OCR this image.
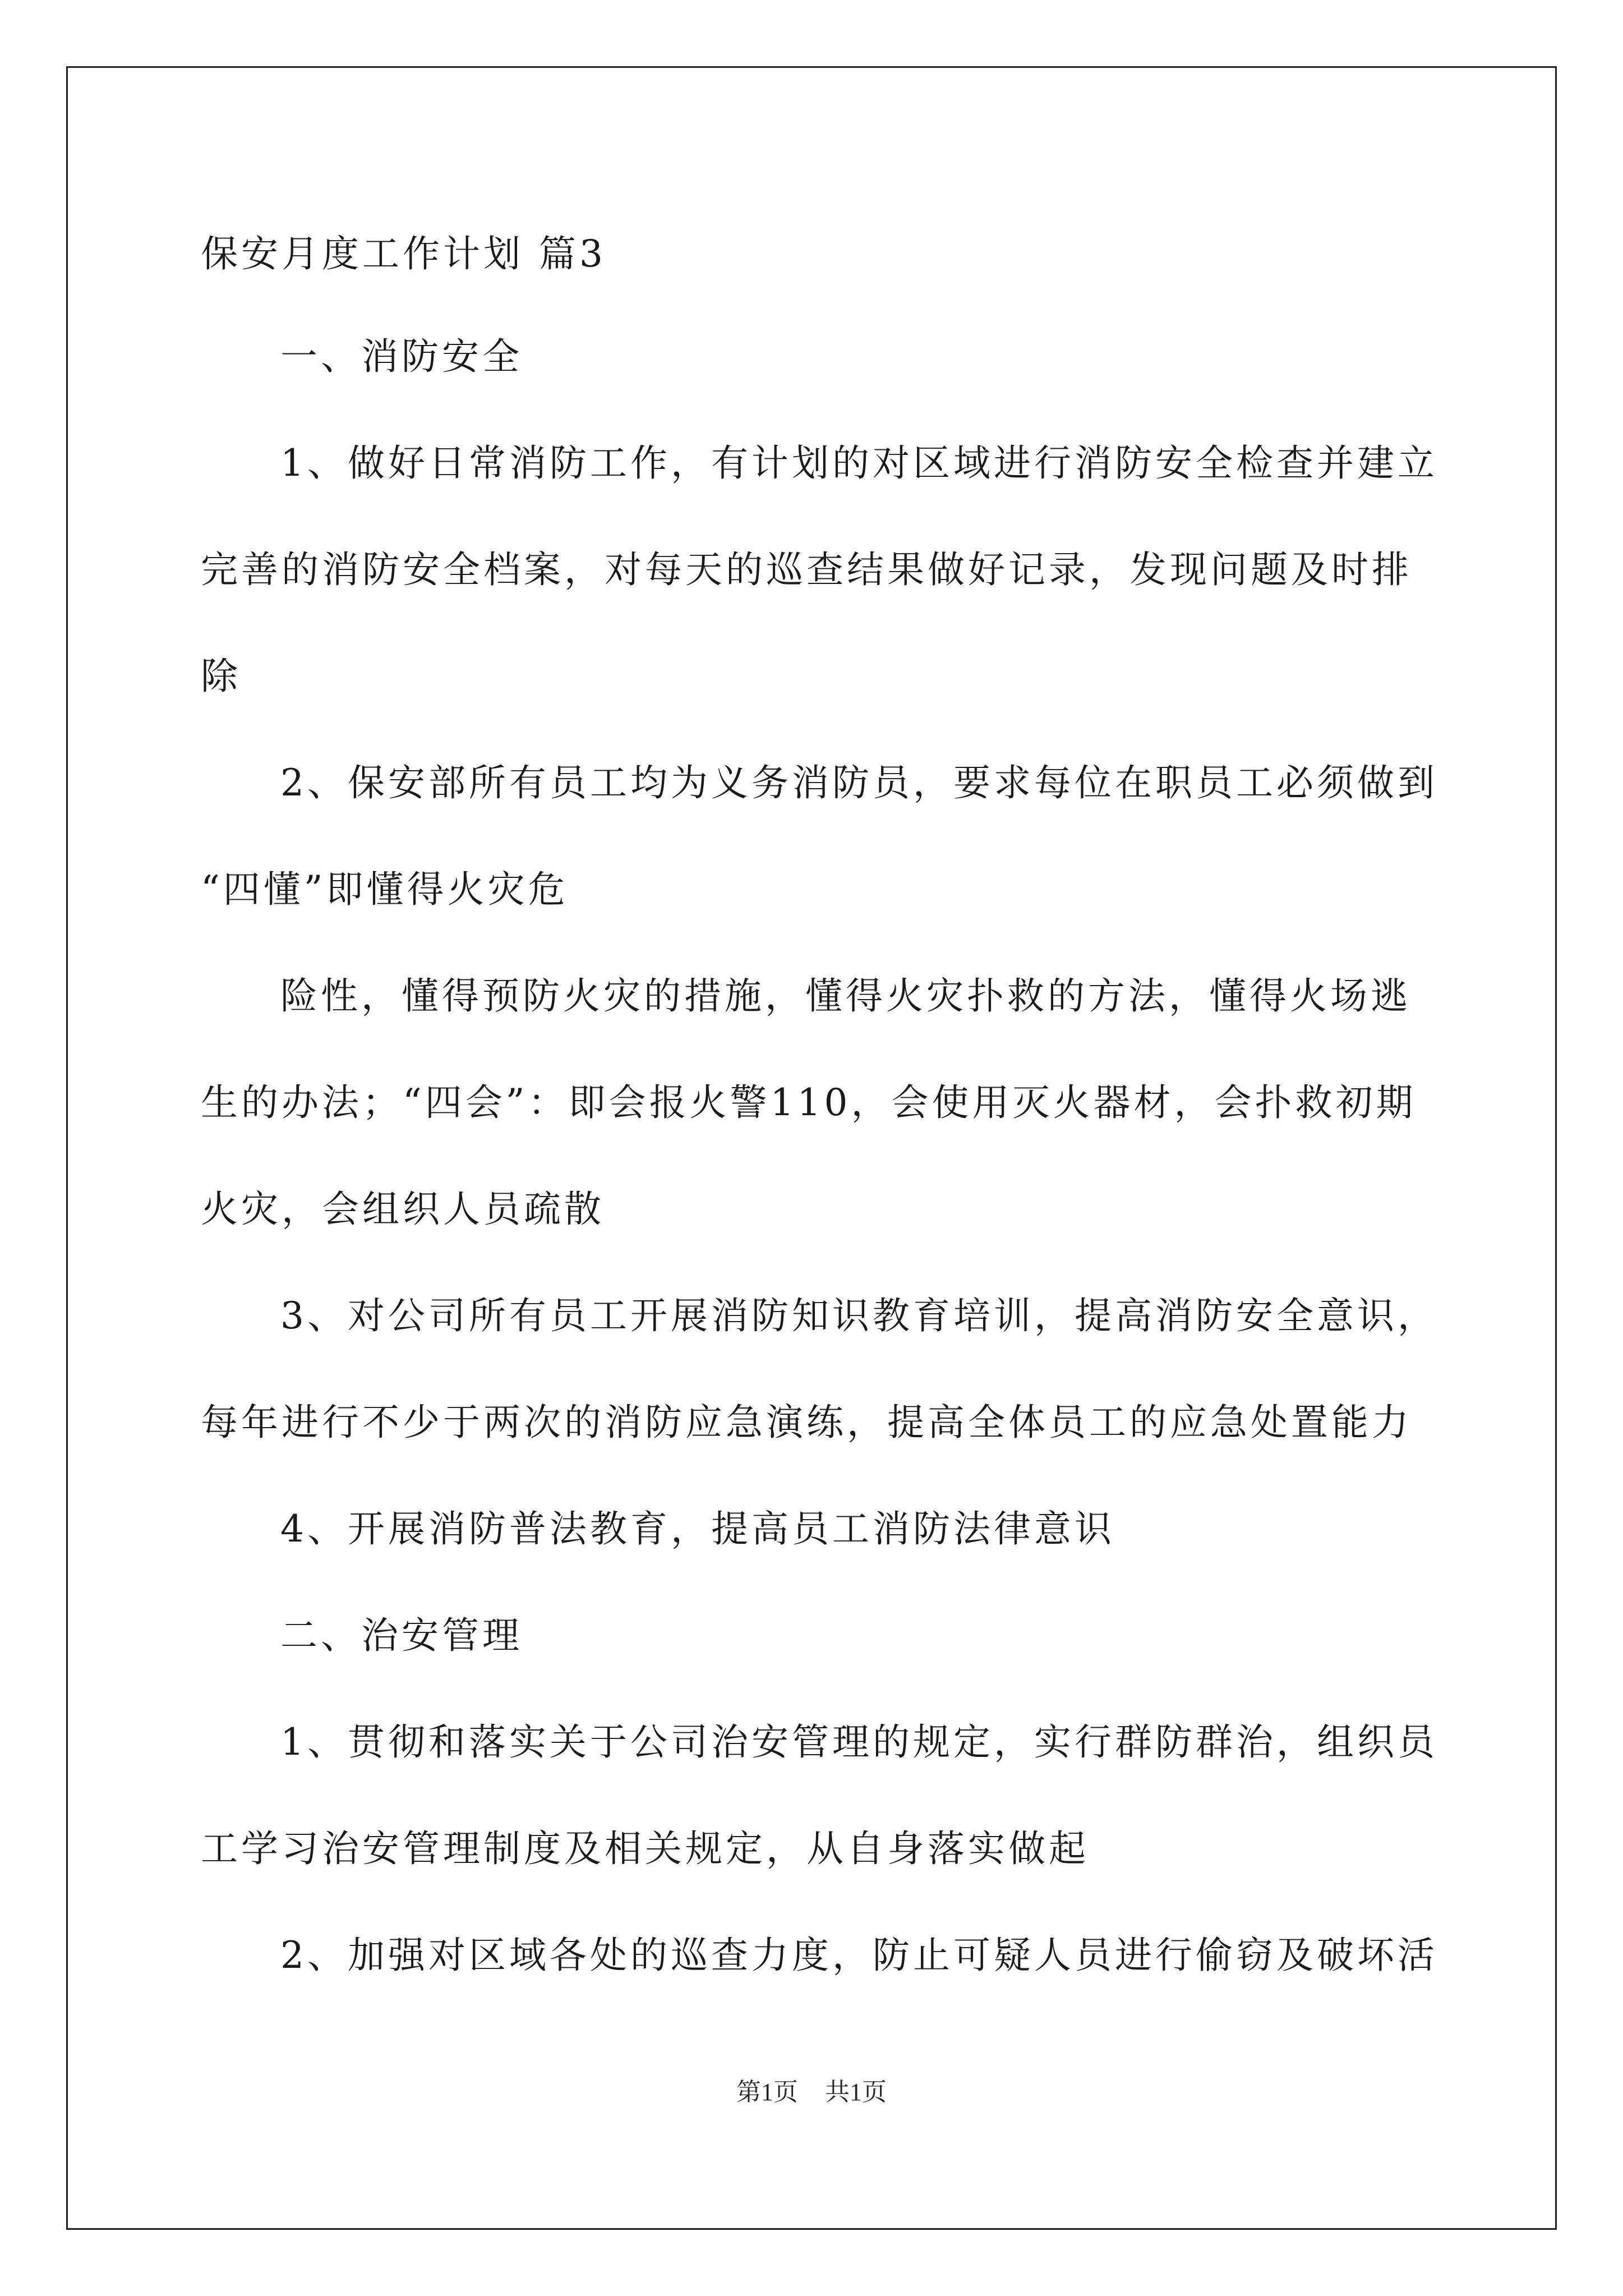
保安月度工作计划 篇3
一、消防安全
1、做好日常消防工作，有计划的对区域进行消防安全检查并建立
完善的消防安全档案，对每天的巡查结果做好记录，发现问题及时排
除
2、保安部所有员工均为义务消防员，要求每位在职员工必须做到
“四懂”即懂得火灾危
险性，懂得预防火灾的措施，懂得火灾扑救的方法，懂得火场逃
生的办法；“四会”：即会报火警110，会使用灭火器材，会扑救初期
火灾，会组织人员疏散
3、对公司所有员工开展消防知识教育培训，提高消防安全意识，
每年进行不少于两次的消防应急演练，提高全体员工的应急处置能力
4、开展消防普法教育，提高员工消防法律意识
二、治安管理
1、贯彻和落实关于公司治安管理的规定，实行群防群治，组织员
工学习治安管理制度及相关规定，从自身落实做起
2、加强对区域各处的巡查力度，防止可疑人员进行偷窃及破坏活
第1页 共1页
